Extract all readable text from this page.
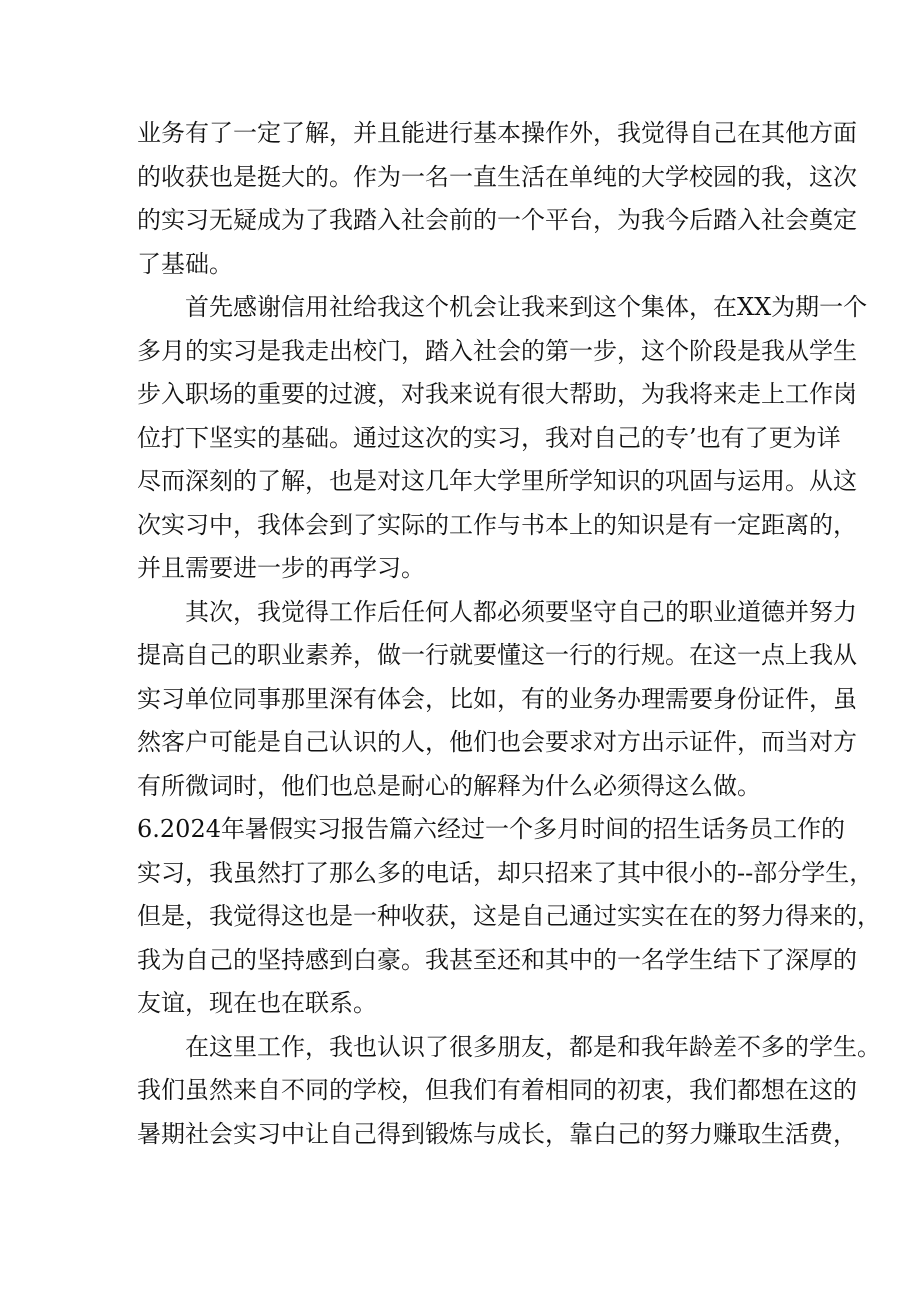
业务有了一定了解，并且能进行基本操作外，我觉得自己在其他方面
的收获也是挺大的。作为一名一直生活在单纯的大学校园的我，这次
的实习无疑成为了我踏入社会前的一个平台，为我今后踏入社会奠定
了基础。
首先感谢信用社给我这个机会让我来到这个集体，在XX为期一个
多月的实习是我走出校门，踏入社会的第一步，这个阶段是我从学生
步入职场的重要的过渡，对我来说有很大帮助，为我将来走上工作岗
位打下坚实的基础。通过这次的实习，我对自己的专’也有了更为详
尽而深刻的了解，也是对这几年大学里所学知识的巩固与运用。从这
次实习中，我体会到了实际的工作与书本上的知识是有一定距离的，
并且需要进一步的再学习。
其次，我觉得工作后任何人都必须要坚守自己的职业道德并努力
提高自己的职业素养，做一行就要懂这一行的行规。在这一点上我从
实习单位同事那里深有体会，比如，有的业务办理需要身份证件，虽
然客户可能是自己认识的人，他们也会要求对方出示证件，而当对方
有所微词时，他们也总是耐心的解释为什么必须得这么做。
6.2024年暑假实习报告篇六经过一个多月时间的招生话务员工作的
实习，我虽然打了那么多的电话，却只招来了其中很小的--部分学生，
但是，我觉得这也是一种收获，这是自己通过实实在在的努力得来的，
我为自己的坚持感到白豪。我甚至还和其中的一名学生结下了深厚的
友谊，现在也在联系。
在这里工作，我也认识了很多朋友，都是和我年龄差不多的学生。
我们虽然来自不同的学校，但我们有着相同的初衷，我们都想在这的
暑期社会实习中让自己得到锻炼与成长，靠白己的努力赚取生活费，
